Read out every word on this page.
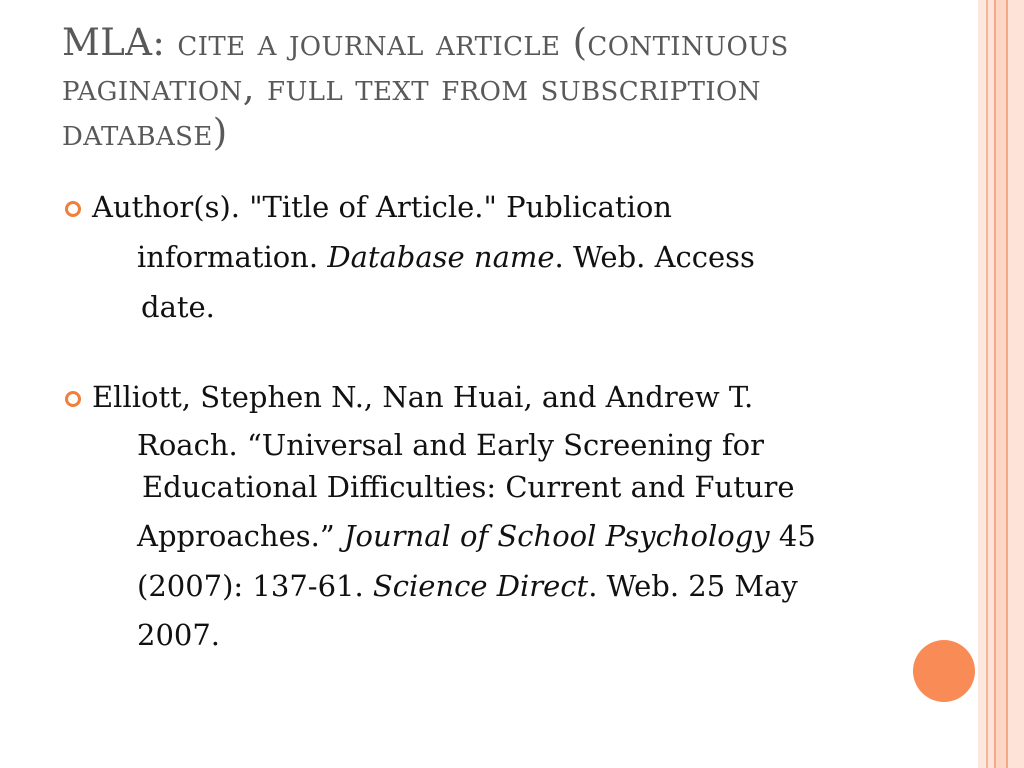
MLA: cite a journal article (continuous
pagination, full text from subscription
database)
Author(s). "Title of Article." Publication
information. Database name. Web. Access
date.
Elliott, Stephen N., Nan Huai, and Andrew T.
Roach. “Universal and Early Screening for
Educational Difficulties: Current and Future
Approaches.” Journal of School Psychology 45
(2007): 137-61. Science Direct. Web. 25 May
2007.
